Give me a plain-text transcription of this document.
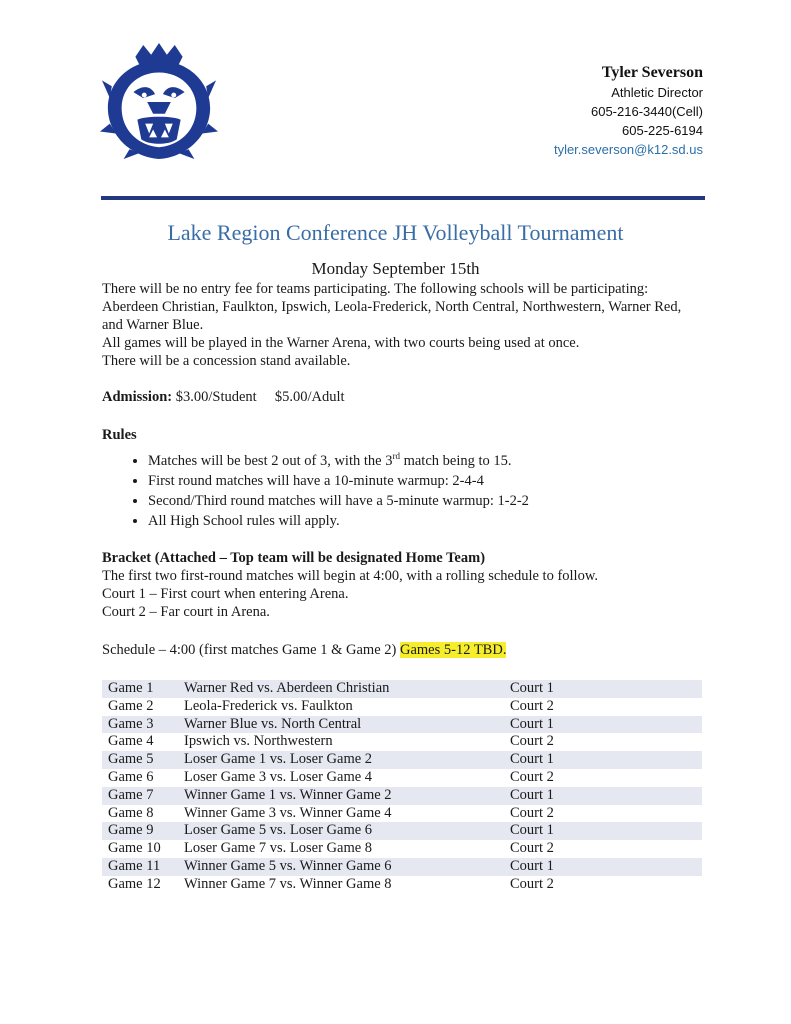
Tyler Severson
Athletic Director
605-216-3440(Cell)
605-225-6194
tyler.severson@k12.sd.us
Lake Region Conference JH Volleyball Tournament
Monday September 15th

There will be no entry fee for teams participating. The following schools will be participating: Aberdeen Christian, Faulkton, Ipswich, Leola-Frederick, North Central, Northwestern, Warner Red, and Warner Blue.

All games will be played in the Warner Arena, with two courts being used at once.

There will be a concession stand available.

Admission: $3.00/Student $5.00/Adult

Rules

• Matches will be best 2 out of 3, with the 3rd match being to 15.
• First round matches will have a 10-minute warmup: 2-4-4
• Second/Third round matches will have a 5-minute warmup: 1-2-2
• All High School rules will apply.

Bracket (Attached – Top team will be designated Home Team)

The first two first-round matches will begin at 4:00, with a rolling schedule to follow.

Court 1 – First court when entering Arena.

Court 2 – Far court in Arena.

Schedule – 4:00 (first matches Game 1 & Game 2) Games 5-12 TBD.

Game 1	Warner Red vs. Aberdeen Christian	Court 1
Game 2	Leola-Frederick vs. Faulkton	Court 2
Game 3	Warner Blue vs. North Central	Court 1
Game 4	Ipswich vs. Northwestern	Court 2
Game 5	Loser Game 1 vs. Loser Game 2	Court 1
Game 6	Loser Game 3 vs. Loser Game 4	Court 2
Game 7	Winner Game 1 vs. Winner Game 2	Court 1
Game 8	Winner Game 3 vs. Winner Game 4	Court 2
Game 9	Loser Game 5 vs. Loser Game 6	Court 1
Game 10	Loser Game 7 vs. Loser Game 8	Court 2
Game 11	Winner Game 5 vs. Winner Game 6	Court 1
Game 12	Winner Game 7 vs. Winner Game 8	Court 2
